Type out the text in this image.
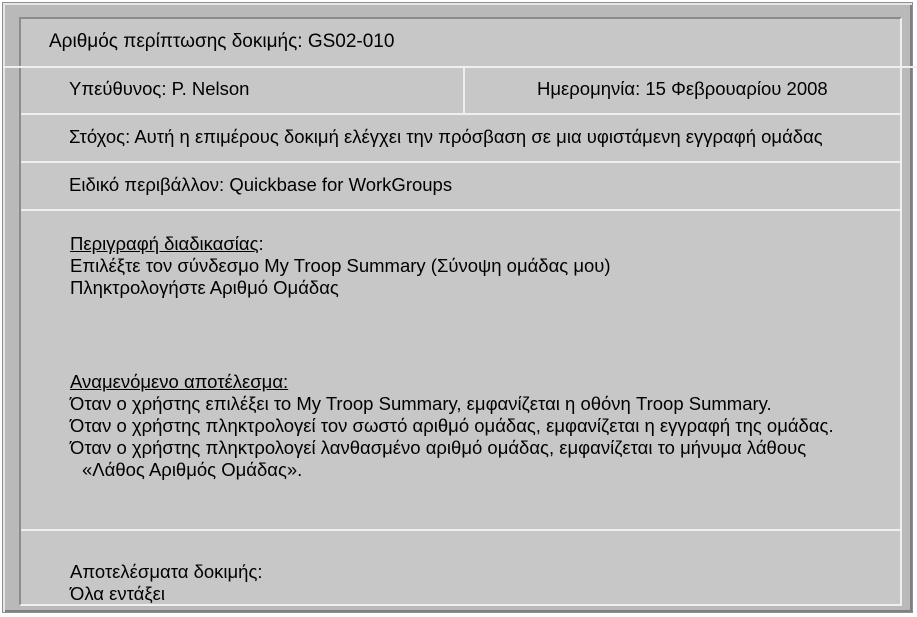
Αριθμός περίπτωσης δοκιμής: GS02-010
Υπεύθυνος: P. Nelson	Ημερομηνία: 15 Φεβρουαρίου 2008
Στόχος: Αυτή η επιμέρους δοκιμή ελέγχει την πρόσβαση σε μια υφιστάμενη εγγραφή ομάδας
Ειδικό περιβάλλον: Quickbase for WorkGroups
Περιγραφή διαδικασίας:
Επιλέξτε τον σύνδεσμο My Troop Summary (Σύνοψη ομάδας μου)
Πληκτρολογήστε Αριθμό Ομάδας
Αναμενόμενο αποτέλεσμα:
Όταν ο χρήστης επιλέξει το My Troop Summary, εμφανίζεται η οθόνη Troop Summary.
Όταν ο χρήστης πληκτρολογεί τον σωστό αριθμό ομάδας, εμφανίζεται η εγγραφή της ομάδας.
Όταν ο χρήστης πληκτρολογεί λανθασμένο αριθμό ομάδας, εμφανίζεται το μήνυμα λάθους
«Λάθος Αριθμός Ομάδας».
Αποτελέσματα δοκιμής:
Όλα εντάξει
